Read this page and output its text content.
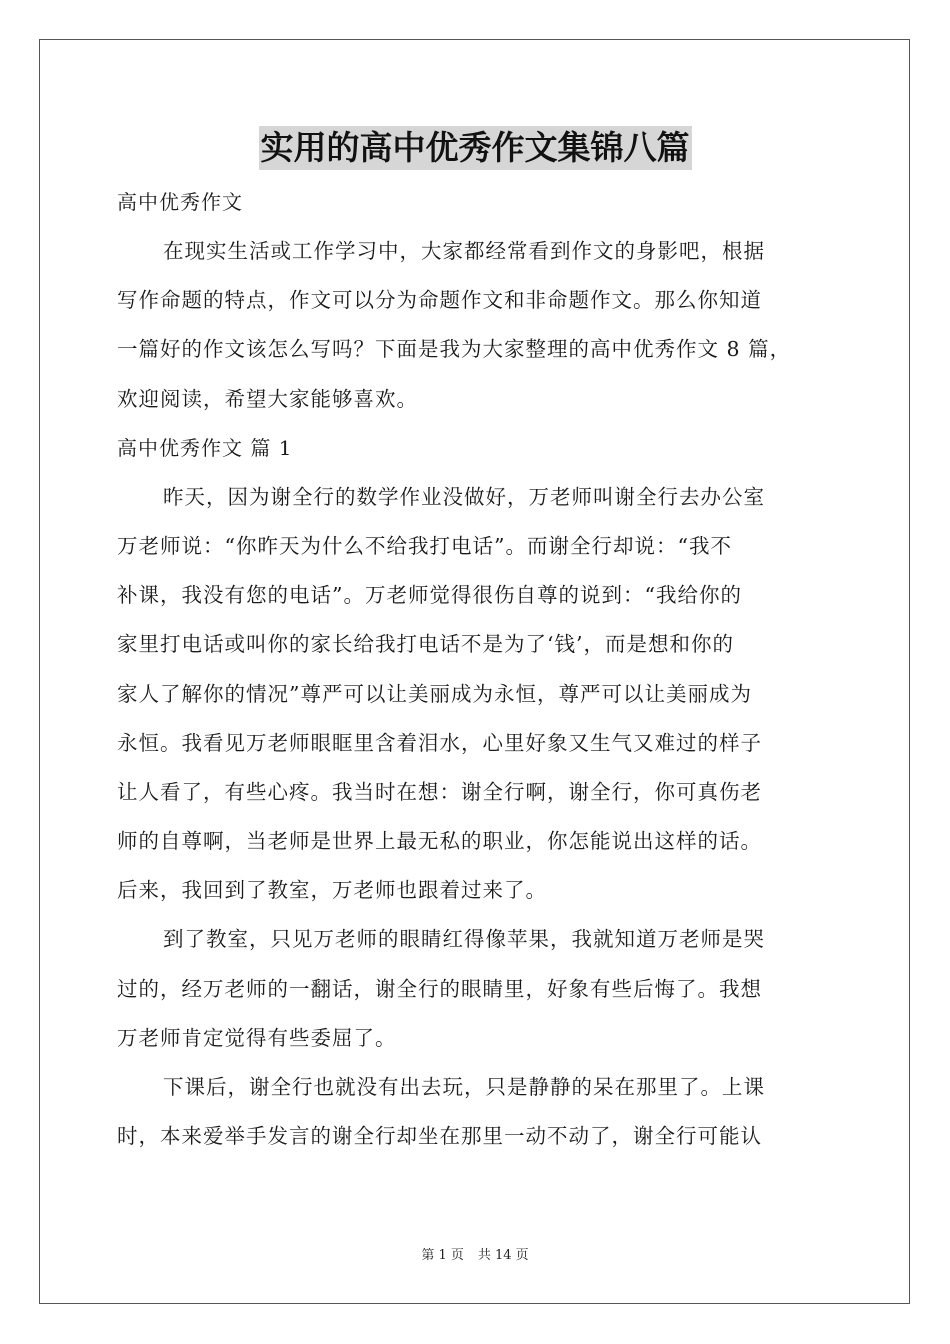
实用的高中优秀作文集锦八篇
高中优秀作文
在现实生活或工作学习中，大家都经常看到作文的身影吧，根据
写作命题的特点，作文可以分为命题作文和非命题作文。那么你知道
一篇好的作文该怎么写吗？下面是我为大家整理的高中优秀作文 8 篇，
欢迎阅读，希望大家能够喜欢。
高中优秀作文 篇 1
昨天，因为谢全行的数学作业没做好，万老师叫谢全行去办公室
万老师说：“你昨天为什么不给我打电话”。而谢全行却说：“我不
补课，我没有您的电话”。万老师觉得很伤自尊的说到：“我给你的
家里打电话或叫你的家长给我打电话不是为了‘钱’，而是想和你的
家人了解你的情况”尊严可以让美丽成为永恒，尊严可以让美丽成为
永恒。我看见万老师眼眶里含着泪水，心里好象又生气又难过的样子
让人看了，有些心疼。我当时在想：谢全行啊，谢全行，你可真伤老
师的自尊啊，当老师是世界上最无私的职业，你怎能说出这样的话。
后来，我回到了教室，万老师也跟着过来了。
到了教室，只见万老师的眼睛红得像苹果，我就知道万老师是哭
过的，经万老师的一翻话，谢全行的眼睛里，好象有些后悔了。我想
万老师肯定觉得有些委屈了。
下课后，谢全行也就没有出去玩，只是静静的呆在那里了。上课
时，本来爱举手发言的谢全行却坐在那里一动不动了，谢全行可能认
第 1 页 共 14 页
